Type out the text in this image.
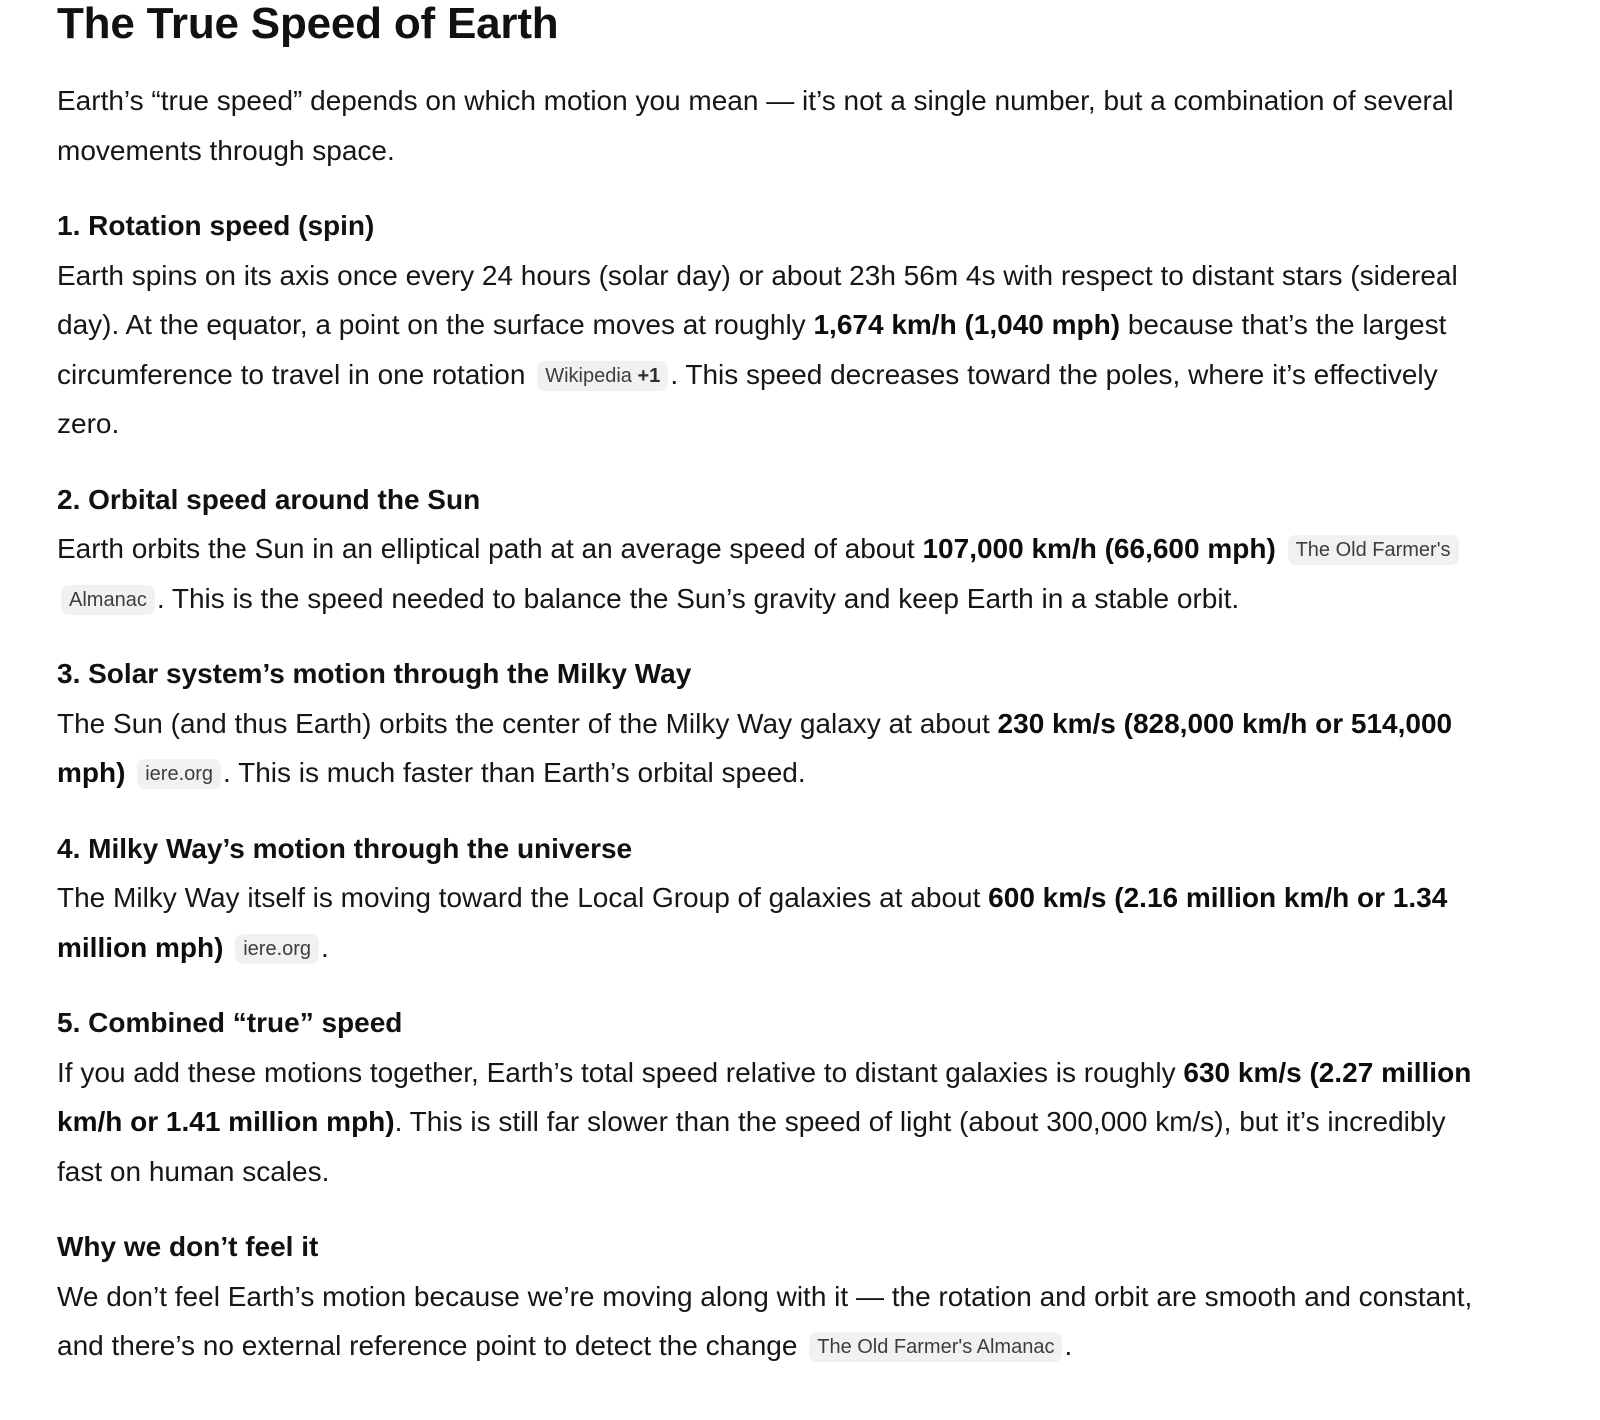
The True Speed of Earth

Earth’s “true speed” depends on which motion you mean — it’s not a single number, but a combination of several movements through space.

1. Rotation speed (spin)

Earth spins on its axis once every 24 hours (solar day) or about 23h 56m 4s with respect to distant stars (sidereal day). At the equator, a point on the surface moves at roughly 1,674 km/h (1,040 mph) because that’s the largest circumference to travel in one rotation Wikipedia +1 . This speed decreases toward the poles, where it’s effectively zero.

2. Orbital speed around the Sun

Earth orbits the Sun in an elliptical path at an average speed of about 107,000 km/h (66,600 mph) The Old Farmer's Almanac . This is the speed needed to balance the Sun’s gravity and keep Earth in a stable orbit.

3. Solar system’s motion through the Milky Way

The Sun (and thus Earth) orbits the center of the Milky Way galaxy at about 230 km/s (828,000 km/h or 514,000 mph) iere.org . This is much faster than Earth’s orbital speed.

4. Milky Way’s motion through the universe

The Milky Way itself is moving toward the Local Group of galaxies at about 600 km/s (2.16 million km/h or 1.34 million mph) iere.org .

5. Combined “true” speed

If you add these motions together, Earth’s total speed relative to distant galaxies is roughly 630 km/s (2.27 million km/h or 1.41 million mph). This is still far slower than the speed of light (about 300,000 km/s), but it’s incredibly fast on human scales.

Why we don’t feel it

We don’t feel Earth’s motion because we’re moving along with it — the rotation and orbit are smooth and constant, and there’s no external reference point to detect the change The Old Farmer's Almanac .
